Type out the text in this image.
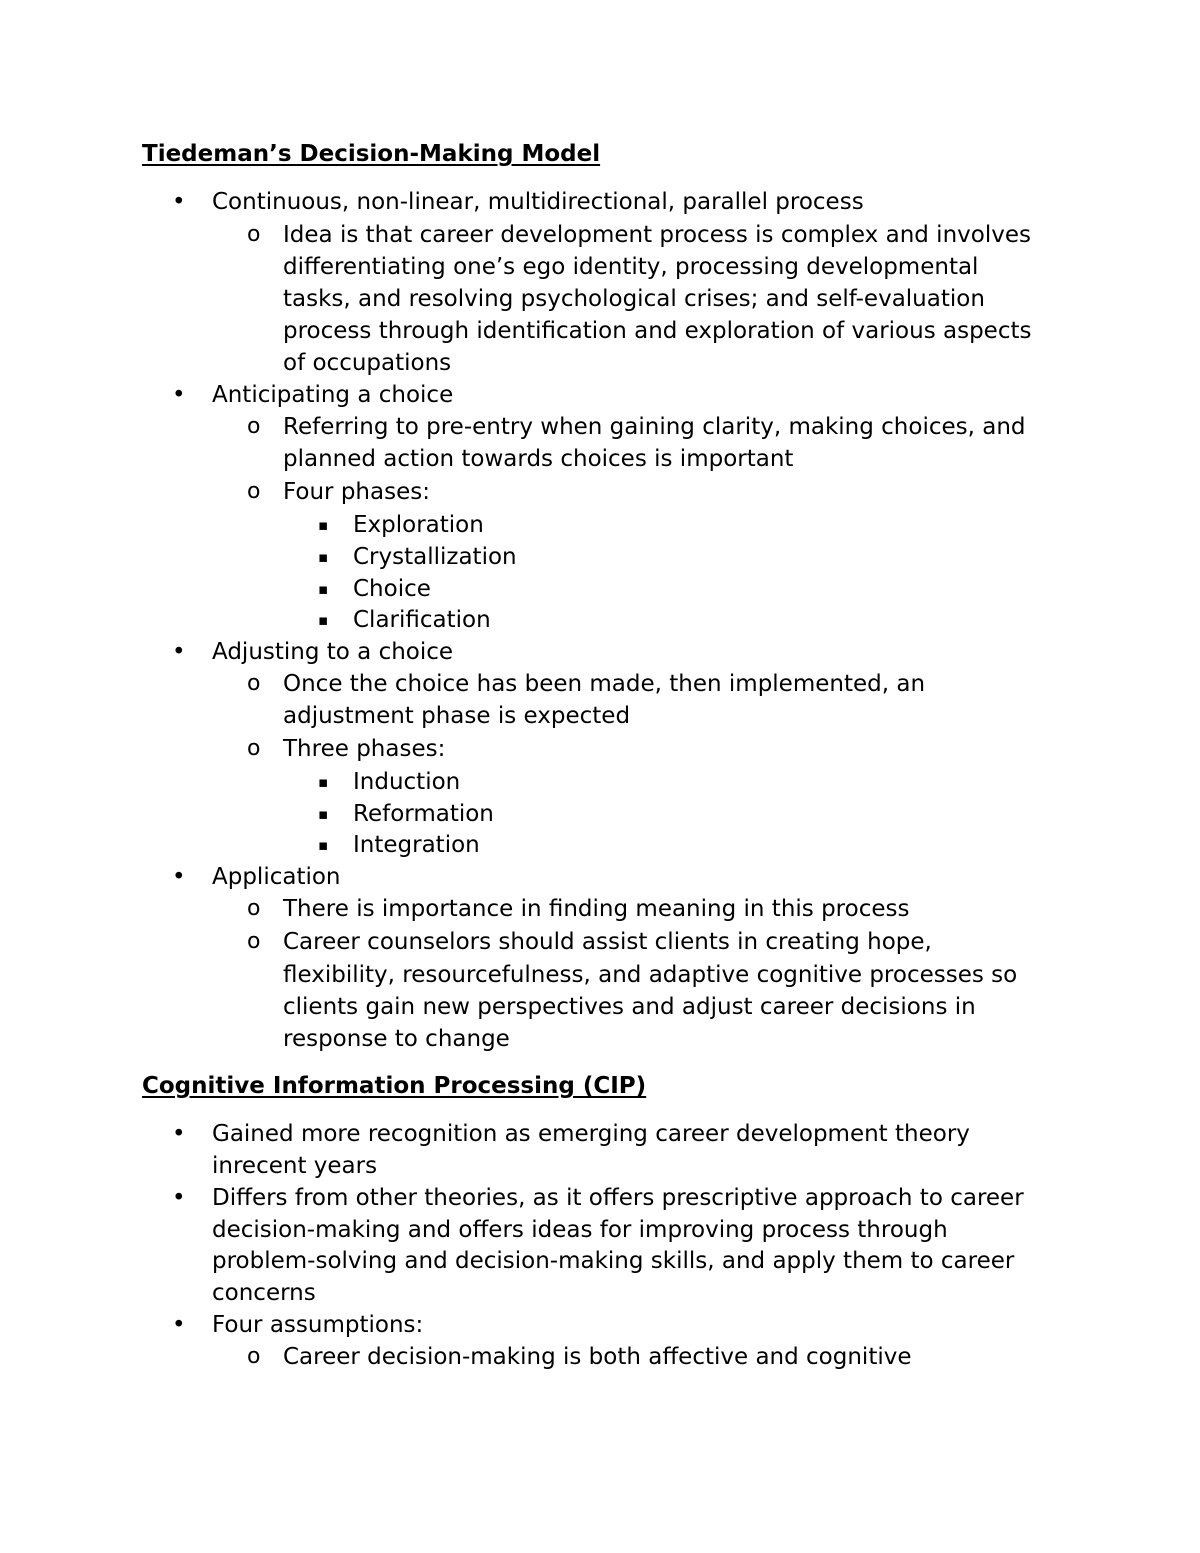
Tiedeman’s Decision-Making Model
• Continuous, non-linear, multidirectional, parallel process
o Idea is that career development process is complex and involves
differentiating one’s ego identity, processing developmental
tasks, and resolving psychological crises; and self-evaluation
process through identification and exploration of various aspects
of occupations
• Anticipating a choice
o Referring to pre-entry when gaining clarity, making choices, and
planned action towards choices is important
o Four phases:
▪ Exploration
▪ Crystallization
▪ Choice
▪ Clarification
• Adjusting to a choice
o Once the choice has been made, then implemented, an
adjustment phase is expected
o Three phases:
▪ Induction
▪ Reformation
▪ Integration
• Application
o There is importance in finding meaning in this process
o Career counselors should assist clients in creating hope,
flexibility, resourcefulness, and adaptive cognitive processes so
clients gain new perspectives and adjust career decisions in
response to change
Cognitive Information Processing (CIP)
• Gained more recognition as emerging career development theory
inrecent years
• Differs from other theories, as it offers prescriptive approach to career
decision-making and offers ideas for improving process through
problem-solving and decision-making skills, and apply them to career
concerns
• Four assumptions:
o Career decision-making is both affective and cognitive
